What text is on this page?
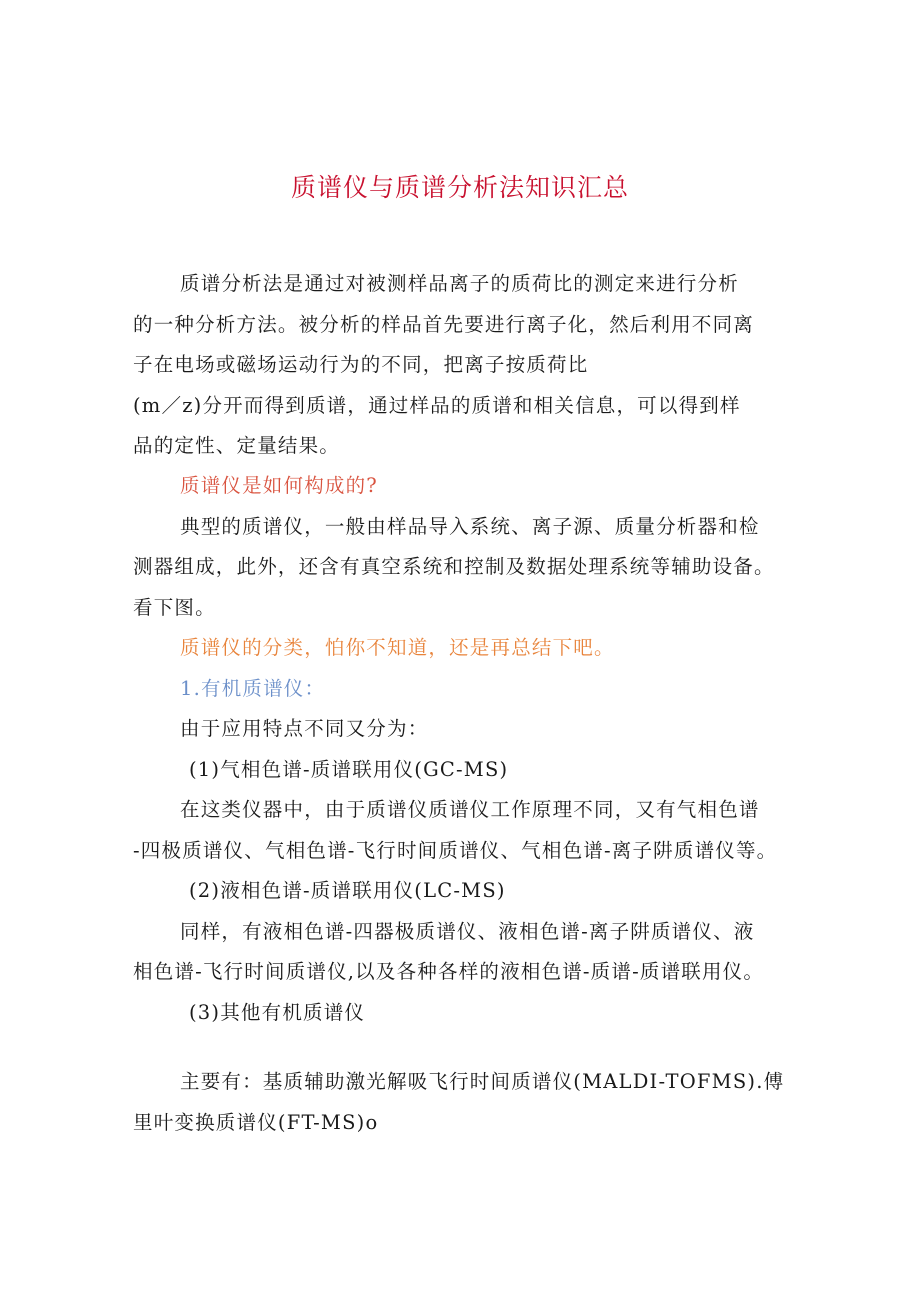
质谱仪与质谱分析法知识汇总
质谱分析法是通过对被测样品离子的质荷比的测定来进行分析
的一种分析方法。被分析的样品首先要进行离子化，然后利用不同离
子在电场或磁场运动行为的不同，把离子按质荷比
(m／z)分开而得到质谱，通过样品的质谱和相关信息，可以得到样
品的定性、定量结果。
质谱仪是如何构成的?
典型的质谱仪，一般由样品导入系统、离子源、质量分析器和检
测器组成，此外，还含有真空系统和控制及数据处理系统等辅助设备。
看下图。
质谱仪的分类，怕你不知道，还是再总结下吧。
1.有机质谱仪：
由于应用特点不同又分为：
(1)气相色谱-质谱联用仪(GC-MS)
在这类仪器中，由于质谱仪质谱仪工作原理不同，又有气相色谱
-四极质谱仪、气相色谱-飞行时间质谱仪、气相色谱-离子阱质谱仪等。
(2)液相色谱-质谱联用仪(LC-MS)
同样，有液相色谱-四器极质谱仪、液相色谱-离子阱质谱仪、液
相色谱-飞行时间质谱仪,以及各种各样的液相色谱-质谱-质谱联用仪。
(3)其他有机质谱仪
主要有：基质辅助激光解吸飞行时间质谱仪(MALDI-TOFMS).傅
里叶变换质谱仪(FT-MS)o
